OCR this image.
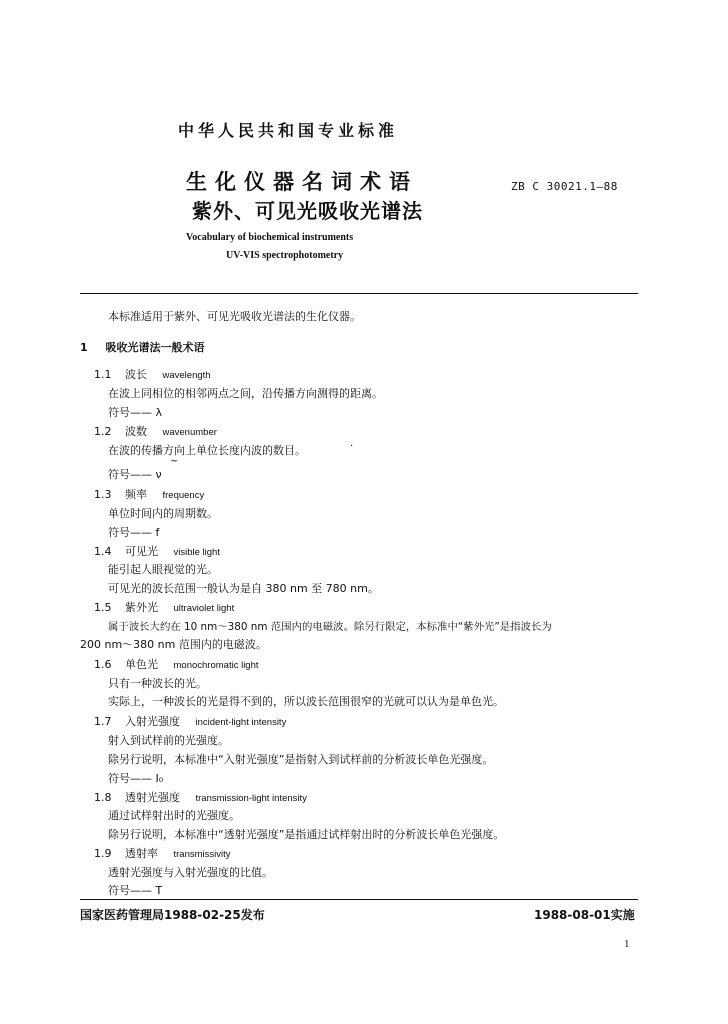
中华人民共和国专业标准
生化仪器名词术语
紫外、可见光吸收光谱法
ZB C 30021.1—88
Vocabulary of biochemical instruments
UV-VIS spectrophotometry
本标准适用于紫外、可见光吸收光谱法的生化仪器。
1 吸收光谱法一般术语
1.1 波长 wavelength
在波上同相位的相邻两点之间，沿传播方向测得的距离。
符号—— λ
1.2 波数 wavenumber
在波的传播方向上单位长度内波的数目。	·
~
符号—— ν
1.3 频率 frequency
单位时间内的周期数。
符号—— f
1.4 可见光 visible light
能引起人眼视觉的光。
可见光的波长范围一般认为是自 380 nm 至 780 nm。
1.5 紫外光 ultraviolet light
属于波长大约在 10 nm～380 nm 范围内的电磁波。除另行限定，本标准中“紫外光”是指波长为
200 nm～380 nm 范围内的电磁波。
1.6 单色光 monochromatic light
只有一种波长的光。
实际上，一种波长的光是得不到的，所以波长范围很窄的光就可以认为是单色光。
1.7 入射光强度 incident-light intensity
射入到试样前的光强度。
除另行说明，本标准中“入射光强度”是指射入到试样前的分析波长单色光强度。
符号—— I₀
1.8 透射光强度 transmission-light intensity
通过试样射出时的光强度。
除另行说明，本标准中“透射光强度”是指通过试样射出时的分析波长单色光强度。
1.9 透射率 transmissivity
透射光强度与入射光强度的比值。
符号—— T
国家医药管理局1988-02-25发布	1988-08-01实施
1
